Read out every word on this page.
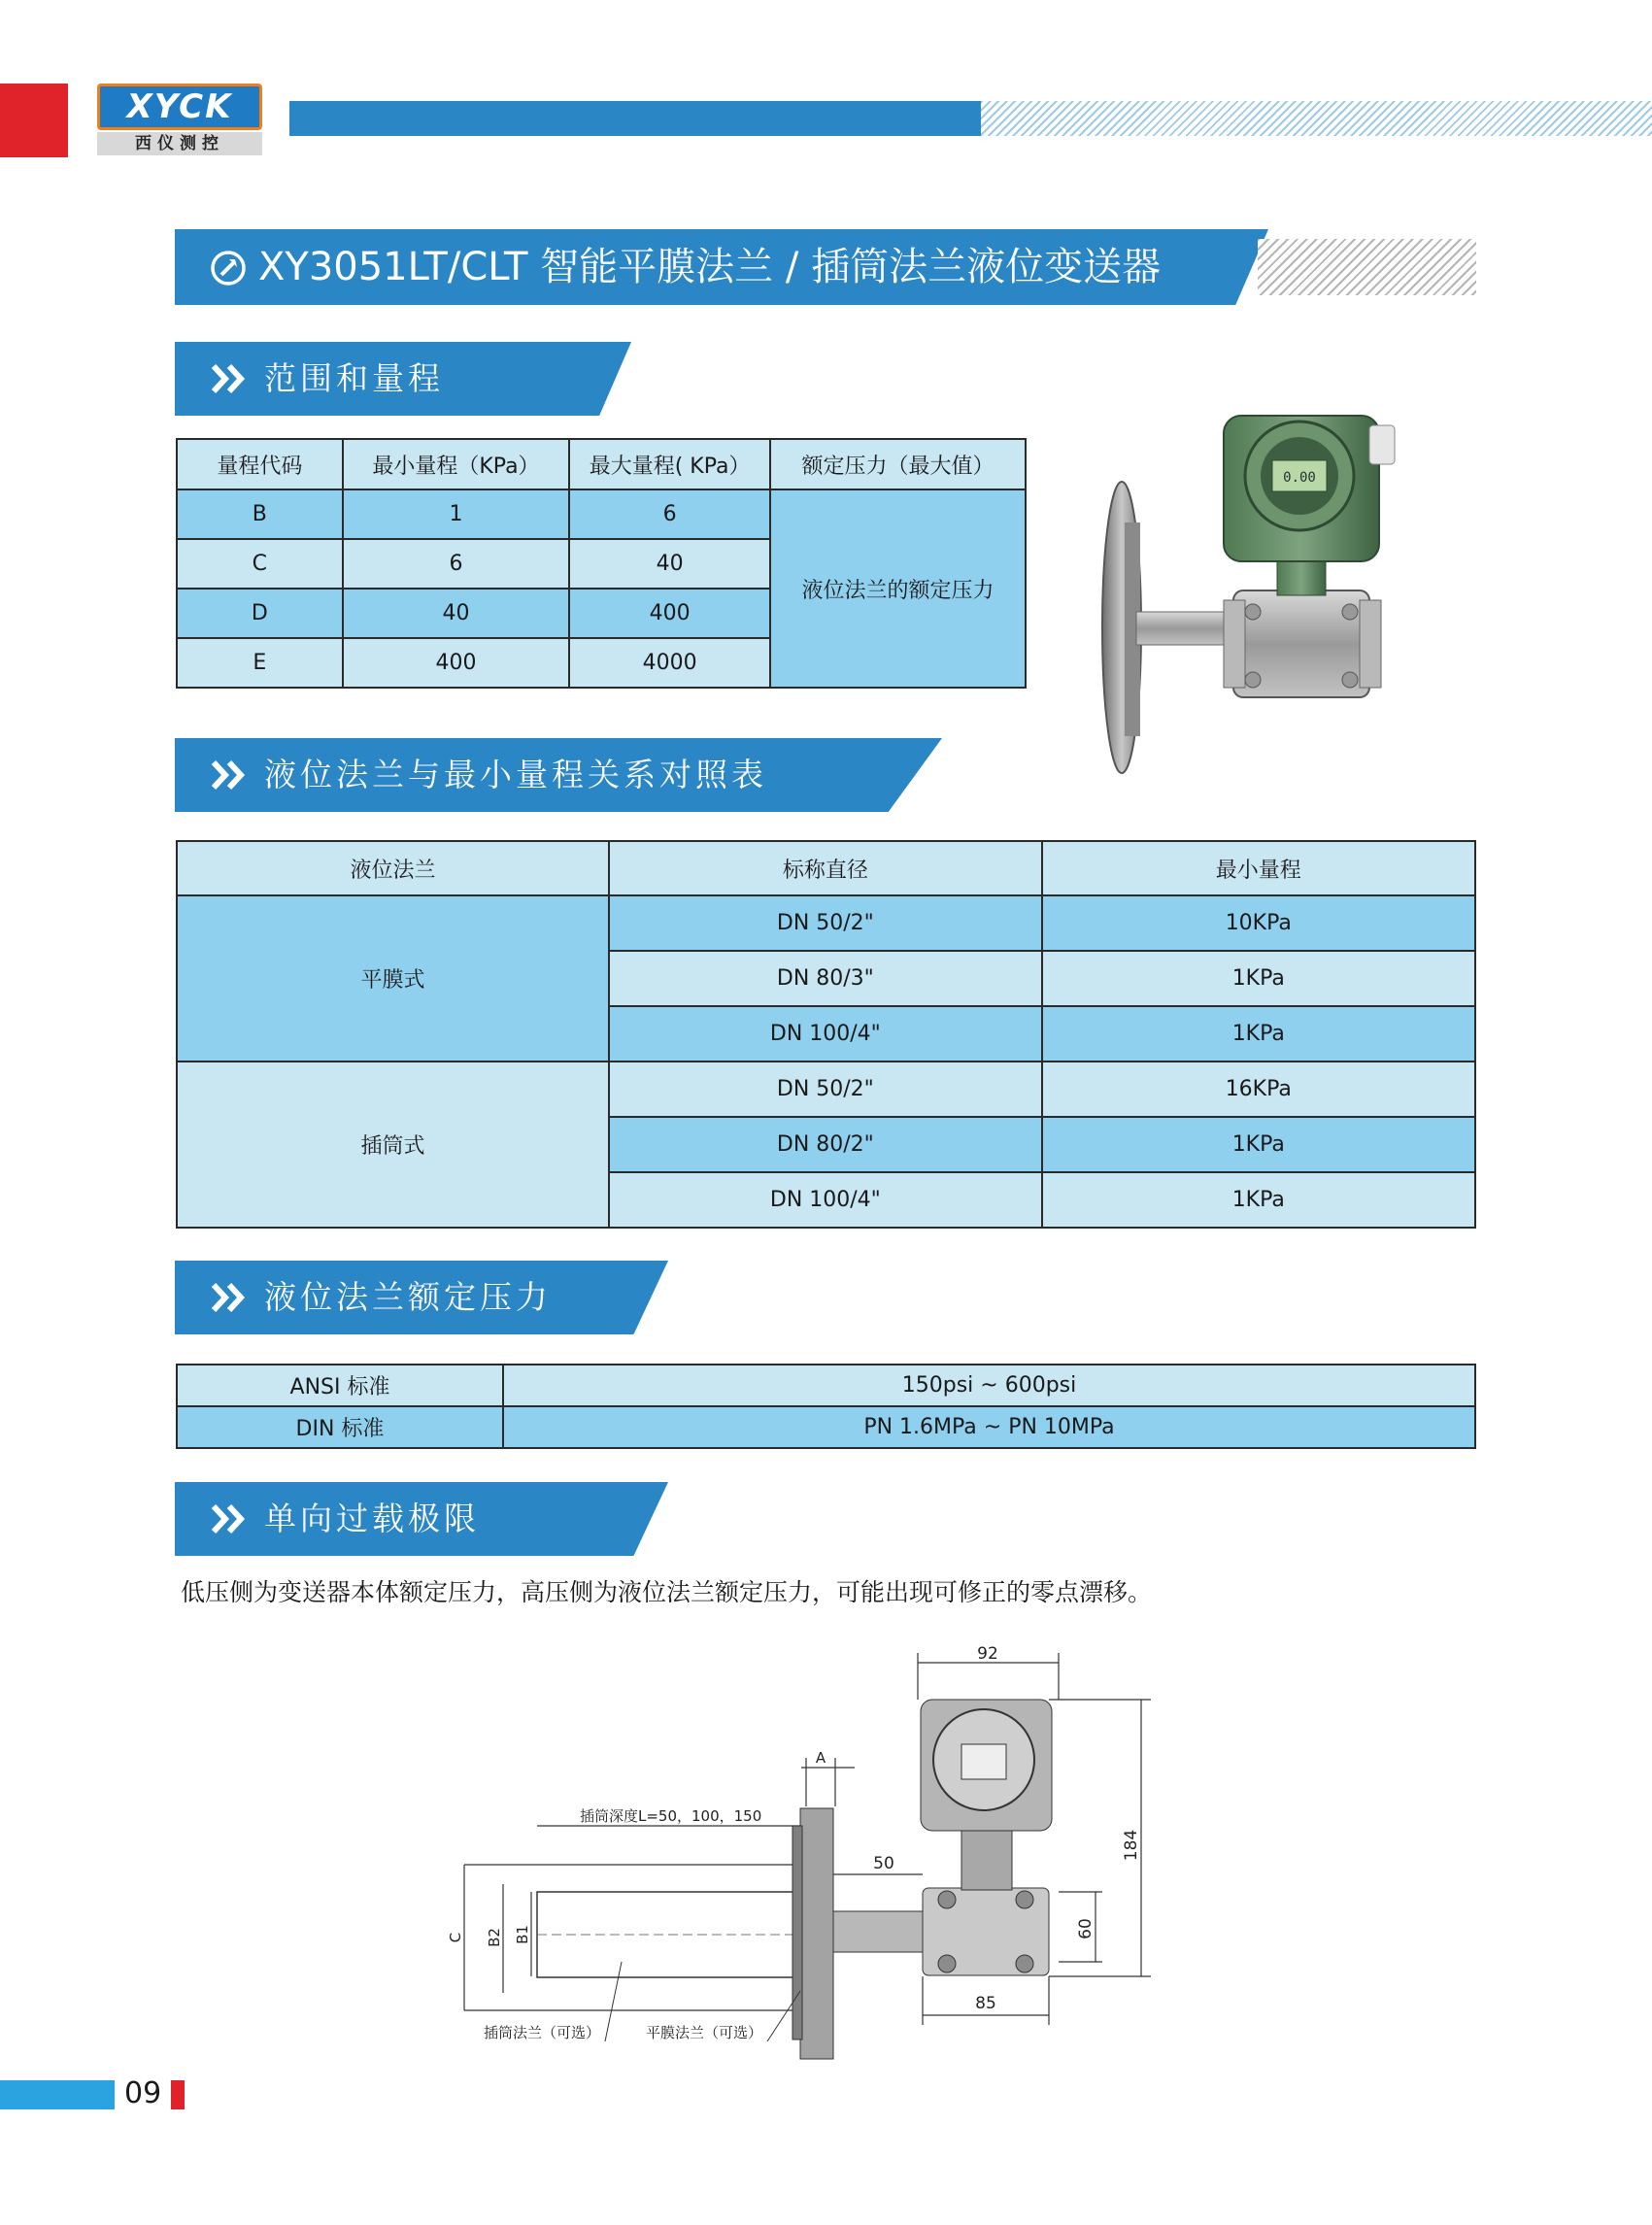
XYCK
西仪测控
XY3051LT/CLT 智能平膜法兰 / 插筒法兰液位变送器
范围和量程
量程代码	最小量程（KPa）	最大量程( KPa）	额定压力（最大值）
B	1	6	液位法兰的额定压力
C	6	40	
D	40	400	
E	400	4000	
0.00
液位法兰与最小量程关系对照表
液位法兰	标称直径	最小量程
平膜式	DN 50/2"	10KPa
	DN 80/3"	1KPa
	DN 100/4"	1KPa
插筒式	DN 50/2"	16KPa
	DN 80/2"	1KPa
	DN 100/4"	1KPa
液位法兰额定压力
ANSI 标准	150psi ~ 600psi
DIN 标准	PN 1.6MPa ~ PN 10MPa
单向过载极限
低压侧为变送器本体额定压力，高压侧为液位法兰额定压力，可能出现可修正的零点漂移。
92
184
60
85
50
A
插筒深度L=50，100，150
C B2 B1
插筒法兰（可选）	平膜法兰（可选）
09
